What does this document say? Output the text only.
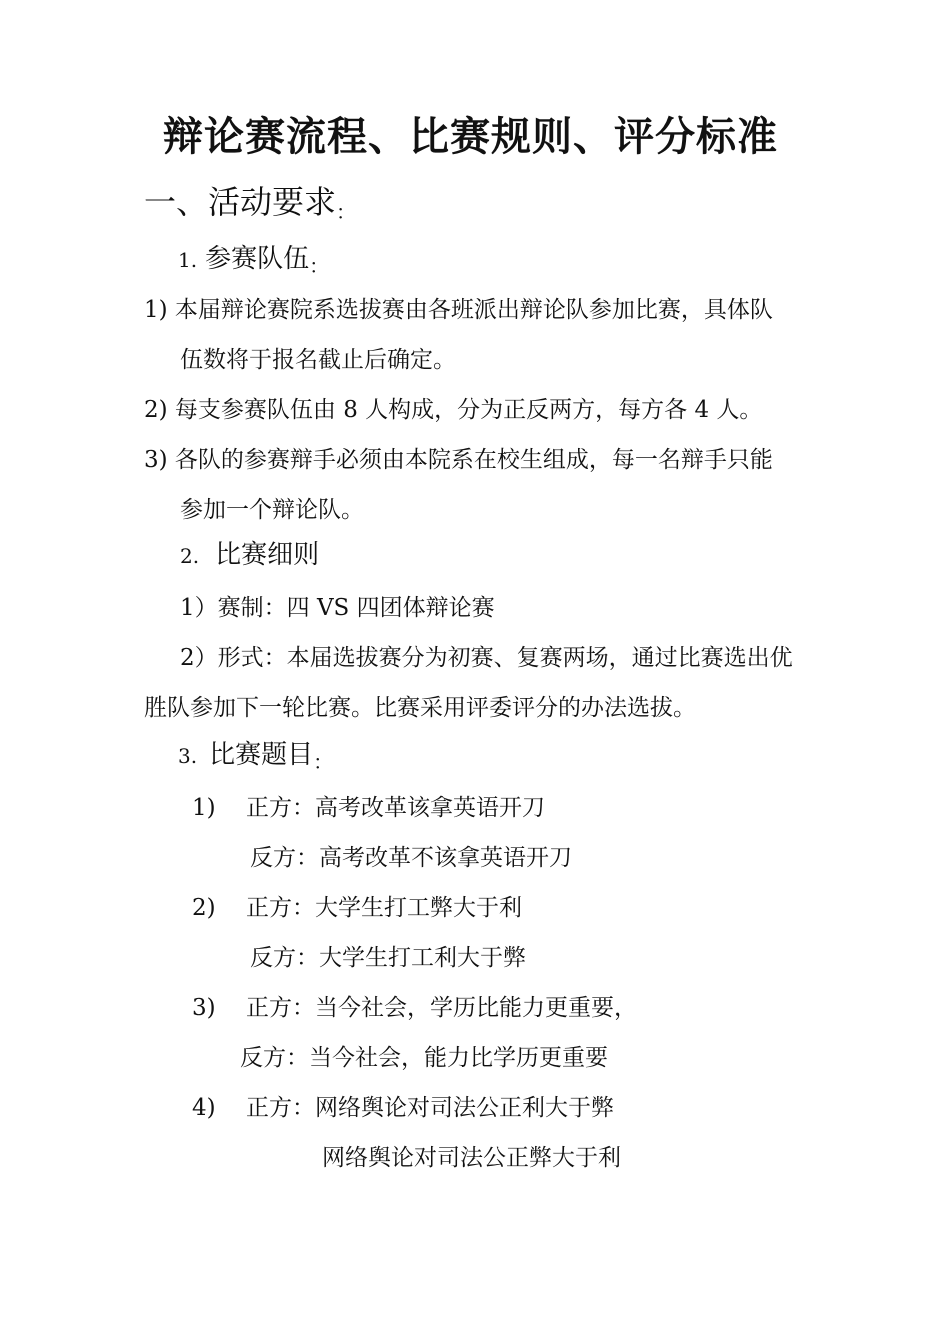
辩论赛流程、比赛规则、评分标准
一、活动要求：
1. 参赛队伍$_:$
1) 本届辩论赛院系选拔赛由各班派出辩论队参加比赛，具体队
伍数将于报名截止后确定。
2) 每支参赛队伍由 8 人构成，分为正反两方，每方各 4 人。
3) 各队的参赛辩手必须由本院系在校生组成，每一名辩手只能
参加一个辩论队。
2. 比赛细则
1）赛制：四 VS 四团体辩论赛
2）形式：本届选拔赛分为初赛、复赛两场，通过比赛选出优
胜队参加下一轮比赛。比赛采用评委评分的办法选拔。
3. 比赛题目$_:$
1) 正方：高考改革该拿英语开刀
反方：高考改革不该拿英语开刀
2) 正方：大学生打工弊大于利
反方：大学生打工利大于弊
3) 正方：当今社会，学历比能力更重要，
反方：当今社会，能力比学历更重要
4) 正方：网络舆论对司法公正利大于弊
网络舆论对司法公正弊大于利
